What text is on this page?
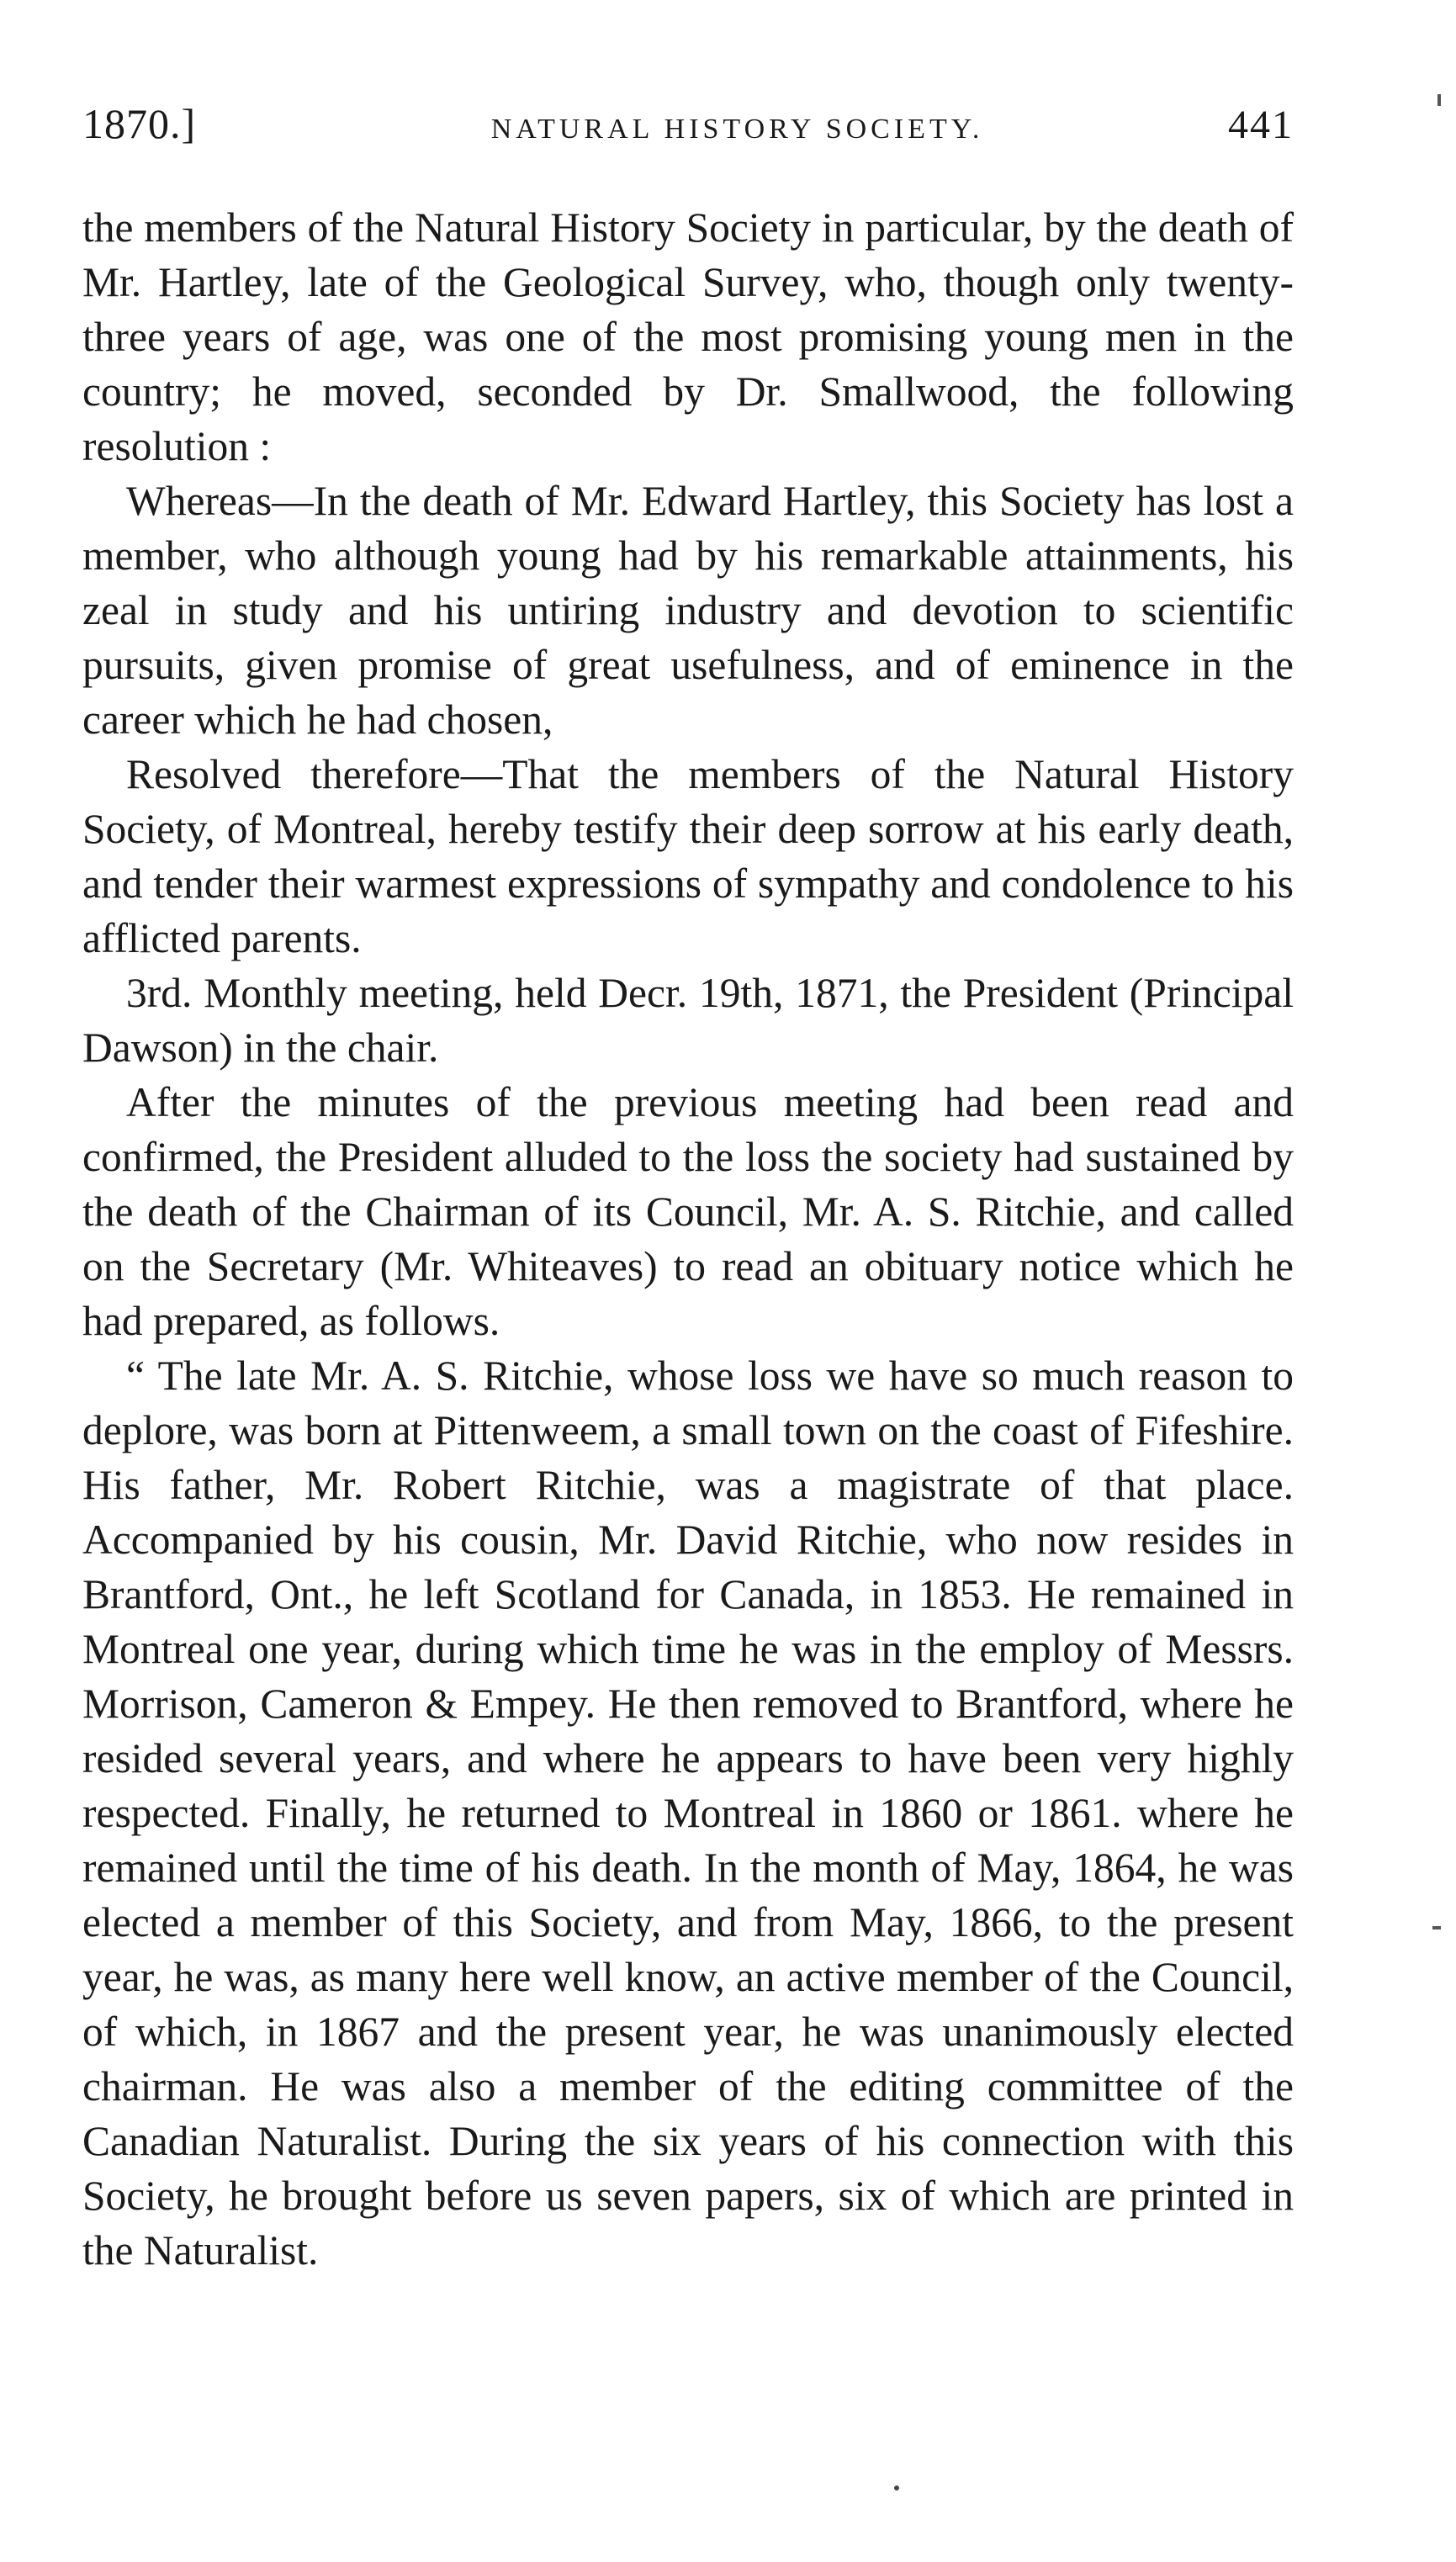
1870.]	NATURAL HISTORY SOCIETY.	441

the members of the Natural History Society in particular, by the death of Mr. Hartley, late of the Geological Survey, who, though only twenty-three years of age, was one of the most promising young men in the country; he moved, seconded by Dr. Smallwood, the following resolution :

Whereas—In the death of Mr. Edward Hartley, this Society has lost a member, who although young had by his remarkable attainments, his zeal in study and his untiring industry and devotion to scientific pursuits, given promise of great usefulness, and of eminence in the career which he had chosen,

Resolved therefore—That the members of the Natural History Society, of Montreal, hereby testify their deep sorrow at his early death, and tender their warmest expressions of sympathy and condolence to his afflicted parents.

3rd. Monthly meeting, held Decr. 19th, 1871, the President (Principal Dawson) in the chair.

After the minutes of the previous meeting had been read and confirmed, the President alluded to the loss the society had sustained by the death of the Chairman of its Council, Mr. A. S. Ritchie, and called on the Secretary (Mr. Whiteaves) to read an obituary notice which he had prepared, as follows.

“ The late Mr. A. S. Ritchie, whose loss we have so much reason to deplore, was born at Pittenweem, a small town on the coast of Fifeshire. His father, Mr. Robert Ritchie, was a magistrate of that place. Accompanied by his cousin, Mr. David Ritchie, who now resides in Brantford, Ont., he left Scotland for Canada, in 1853. He remained in Montreal one year, during which time he was in the employ of Messrs. Morrison, Cameron & Empey. He then removed to Brantford, where he resided several years, and where he appears to have been very highly respected. Finally, he returned to Montreal in 1860 or 1861. where he remained until the time of his death. In the month of May, 1864, he was elected a member of this Society, and from May, 1866, to the present year, he was, as many here well know, an active member of the Council, of which, in 1867 and the present year, he was unanimously elected chairman. He was also a member of the editing committee of the Canadian Naturalist. During the six years of his connection with this Society, he brought before us seven papers, six of which are printed in the Naturalist.
